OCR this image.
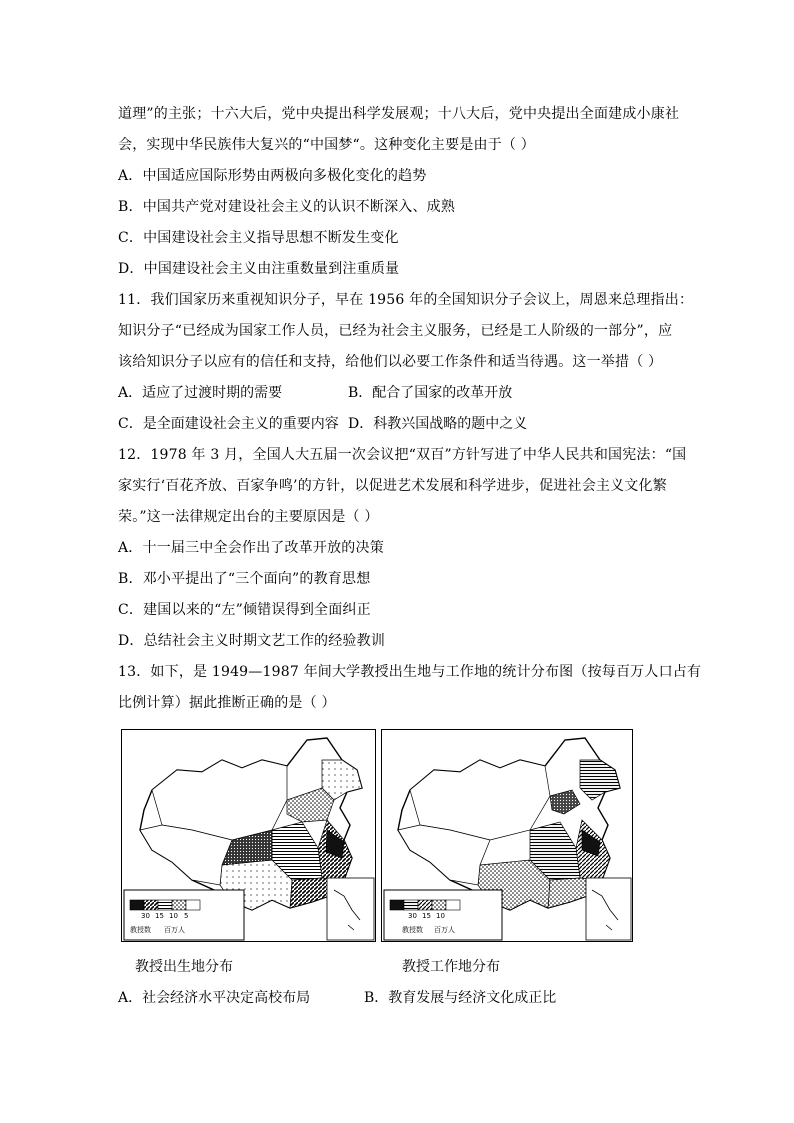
道理”的主张；十六大后，党中央提出科学发展观；十八大后，党中央提出全面建成小康社
会，实现中华民族伟大复兴的“中国梦“。这种变化主要是由于（ ）
A．中国适应国际形势由两极向多极化变化的趋势
B．中国共产党对建设社会主义的认识不断深入、成熟
C．中国建设社会主义指导思想不断发生变化
D．中国建设社会主义由注重数量到注重质量
11．我们国家历来重视知识分子，早在 1956 年的全国知识分子会议上，周恩来总理指出：
知识分子“已经成为国家工作人员，已经为社会主义服务，已经是工人阶级的一部分”，应
该给知识分子以应有的信任和支持，给他们以必要工作条件和适当待遇。这一举措（ ）
A．适应了过渡时期的需要	B．配合了国家的改革开放
C．是全面建设社会主义的重要内容 D．科教兴国战略的题中之义
12．1978 年 3 月，全国人大五届一次会议把“双百”方针写进了中华人民共和国宪法：“国
家实行‘百花齐放、百家争鸣’的方针，以促进艺术发展和科学进步，促进社会主义文化繁
荣。”这一法律规定出台的主要原因是（ ）
A．十一届三中全会作出了改革开放的决策
B．邓小平提出了“三个面向”的教育思想
C．建国以来的“左”倾错误得到全面纠正
D．总结社会主义时期文艺工作的经验教训
13．如下，是 1949—1987 年间大学教授出生地与工作地的统计分布图（按每百万人口占有
比例计算）据此推断正确的是（ ）
30 15 10 5
教授数 百万人
30 15 10
教授数 百万人
教授出生地分布	教授工作地分布
A．社会经济水平决定高校布局	B．教育发展与经济文化成正比
